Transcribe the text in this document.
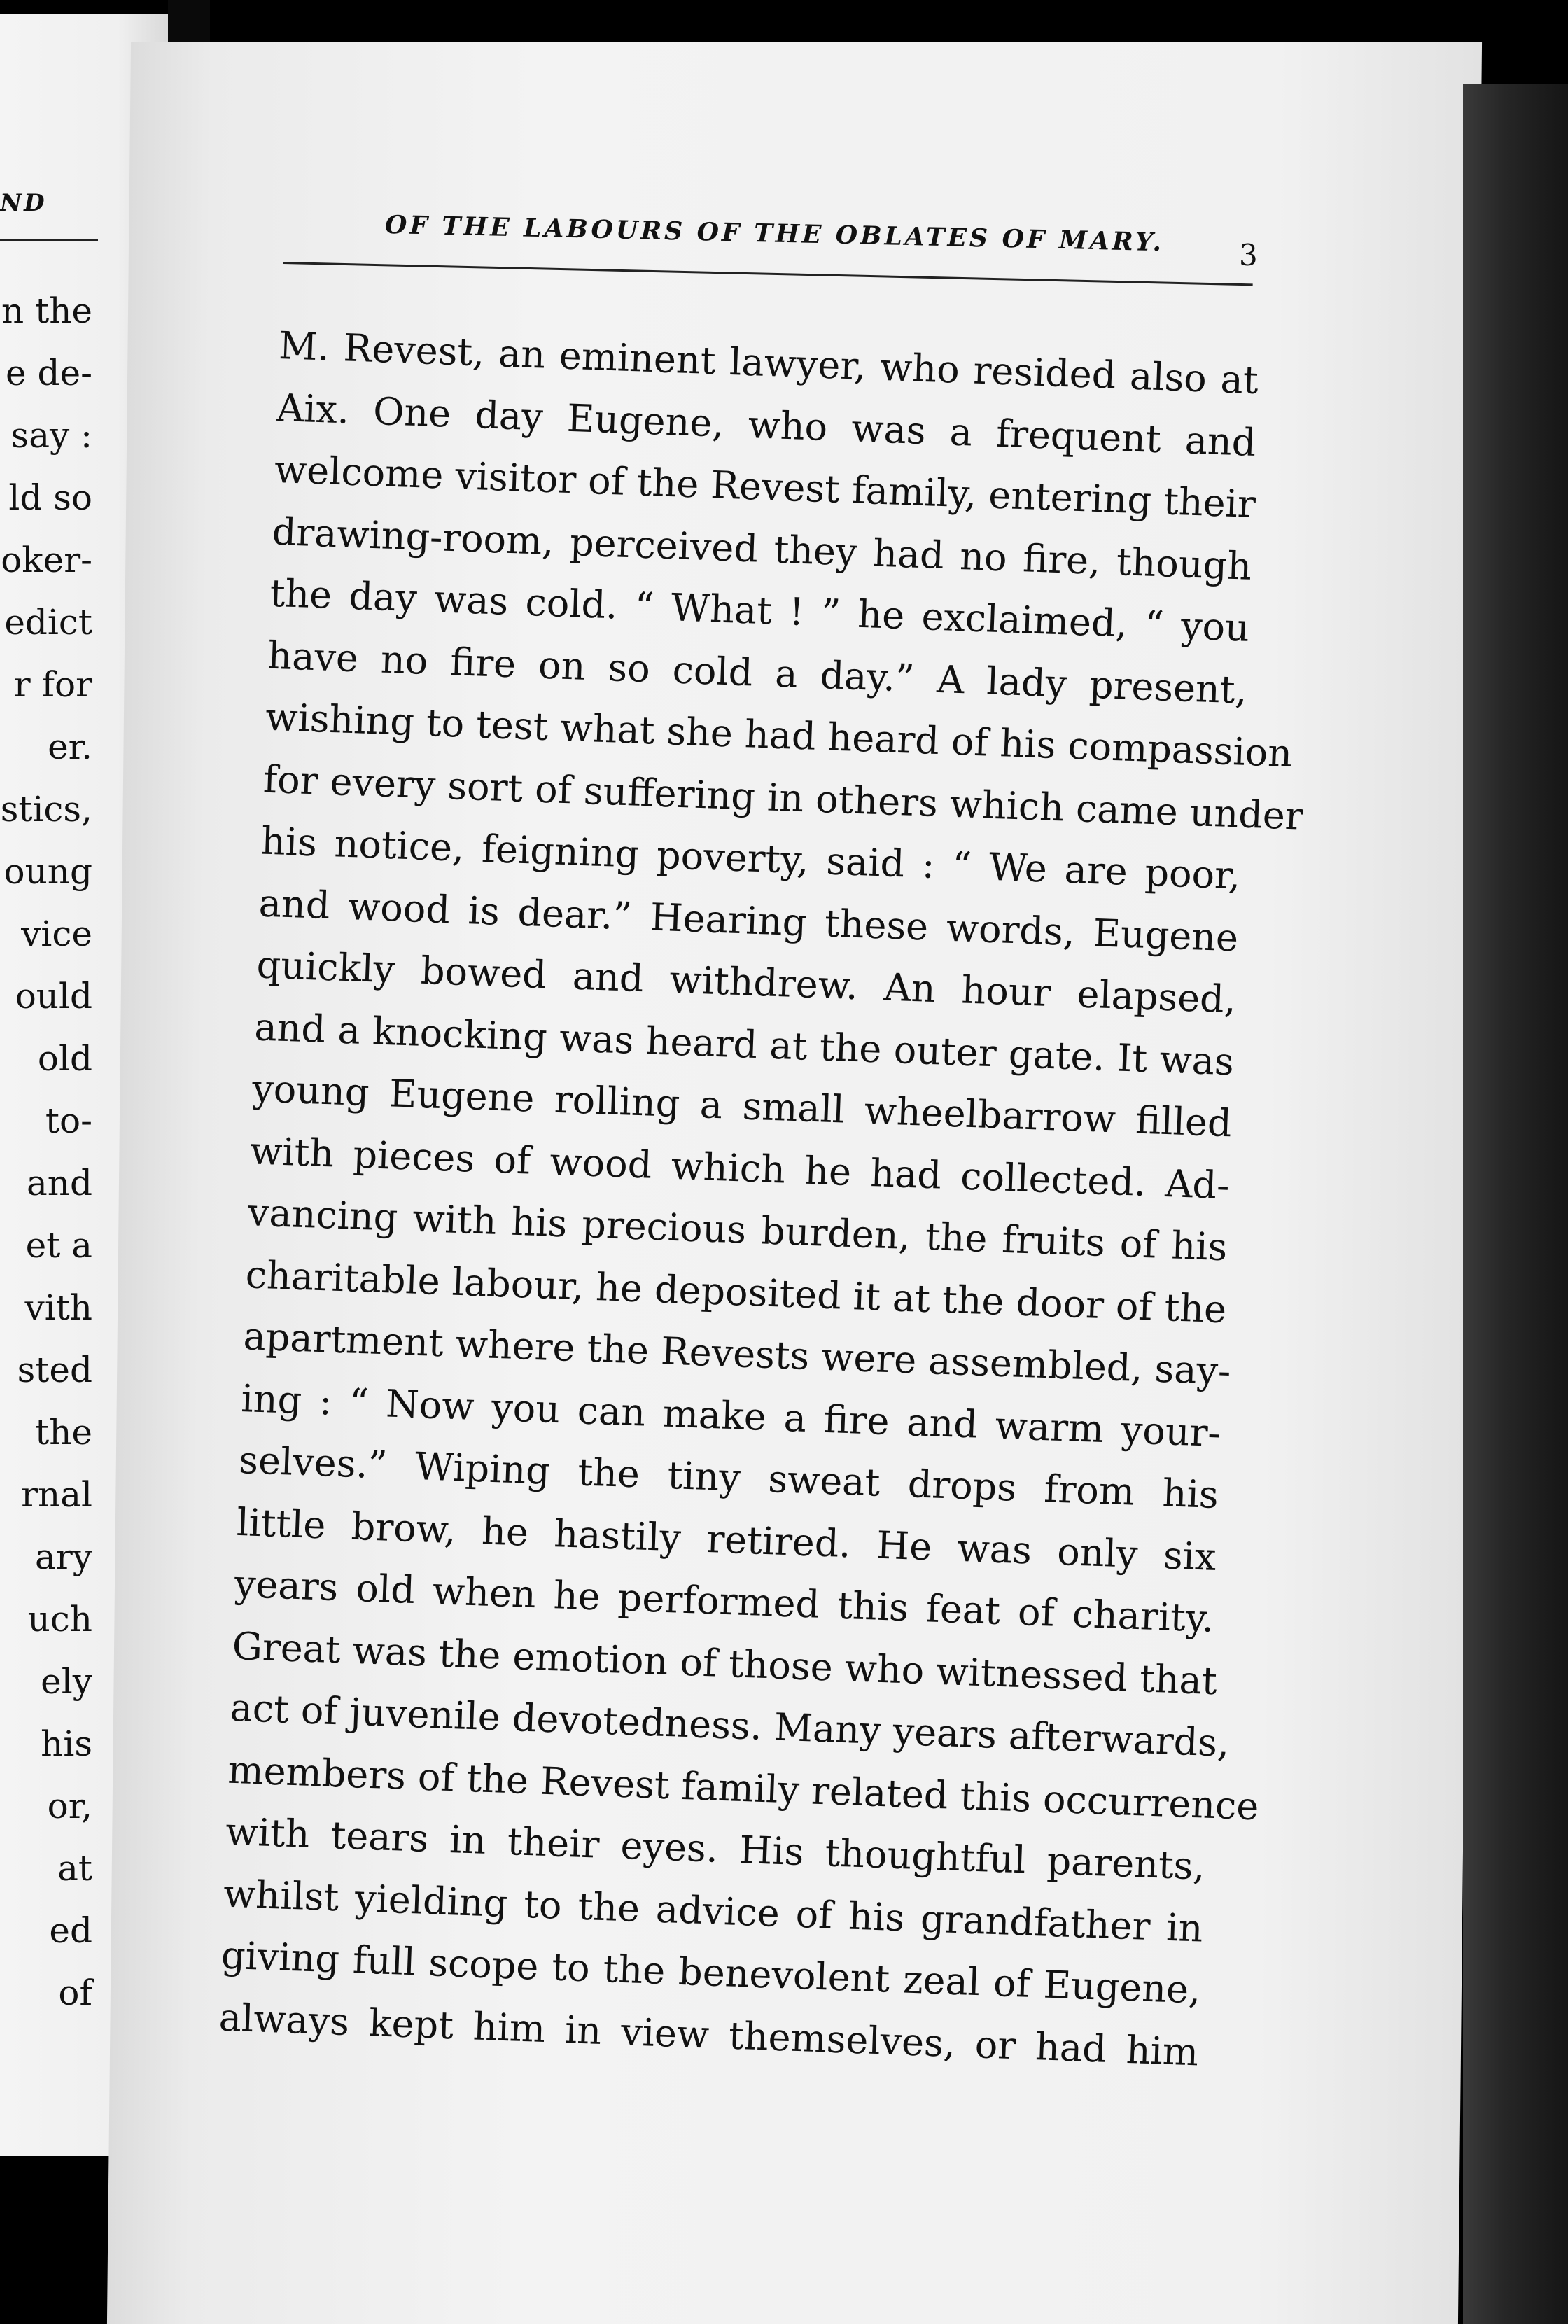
ND
n the
e de-
say :
ld so
oker-
edict
r for
er.
stics,
oung
vice
ould
old
to-
and
et a
vith
sted
the
rnal
ary
uch
ely
his
or,
at
ed
of
OF THE LABOURS OF THE OBLATES OF MARY.	3
M. Revest, an eminent lawyer, who resided also at
Aix. One day Eugene, who was a frequent and
welcome visitor of the Revest family, entering their
drawing-room, perceived they had no fire, though
the day was cold. “ What ! ” he exclaimed, “ you
have no fire on so cold a day.” A lady present,
wishing to test what she had heard of his compassion
for every sort of suffering in others which came under
his notice, feigning poverty, said : “ We are poor,
and wood is dear.” Hearing these words, Eugene
quickly bowed and withdrew. An hour elapsed,
and a knocking was heard at the outer gate. It was
young Eugene rolling a small wheelbarrow filled
with pieces of wood which he had collected. Ad-
vancing with his precious burden, the fruits of his
charitable labour, he deposited it at the door of the
apartment where the Revests were assembled, say-
ing : “ Now you can make a fire and warm your-
selves.” Wiping the tiny sweat drops from his
little brow, he hastily retired. He was only six
years old when he performed this feat of charity.
Great was the emotion of those who witnessed that
act of juvenile devotedness. Many years afterwards,
members of the Revest family related this occurrence
with tears in their eyes. His thoughtful parents,
whilst yielding to the advice of his grandfather in
giving full scope to the benevolent zeal of Eugene,
always kept him in view themselves, or had him
